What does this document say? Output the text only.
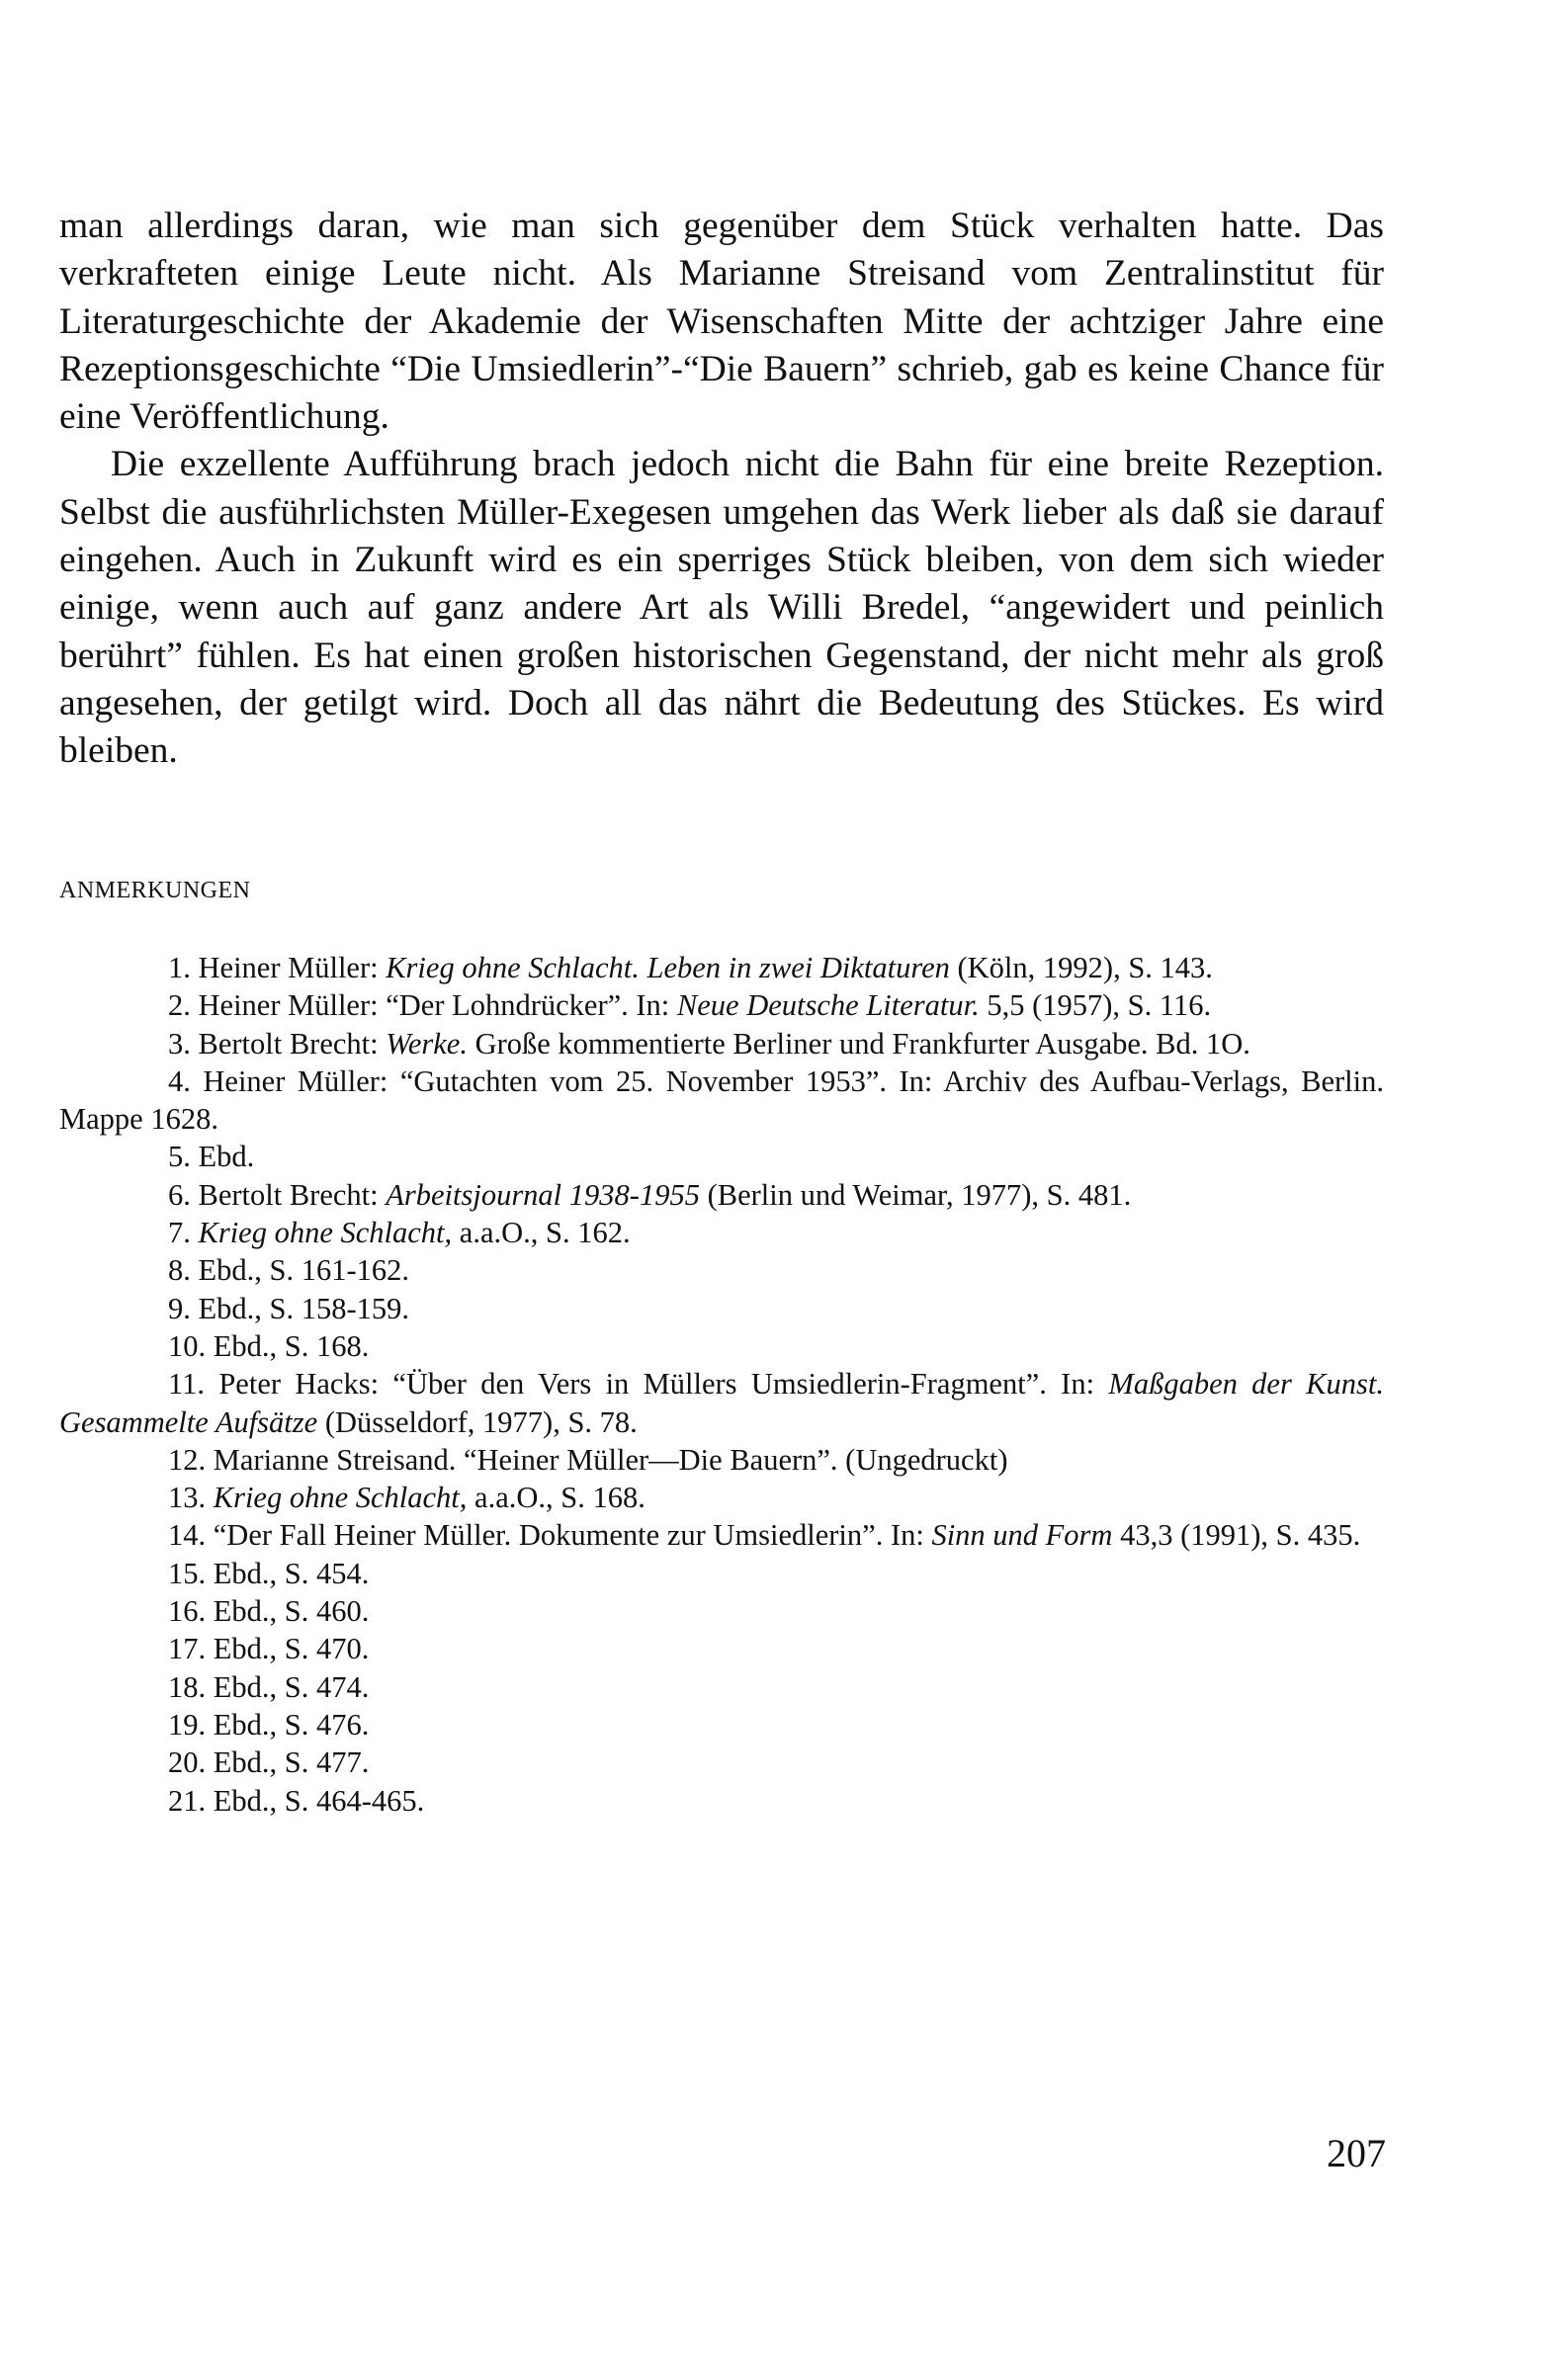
man allerdings daran, wie man sich gegenüber dem Stück verhalten hatte. Das verkrafteten einige Leute nicht. Als Marianne Streisand vom Zentralinstitut für Literaturgeschichte der Akademie der Wisenschaften Mitte der achtziger Jahre eine Rezeptionsgeschichte “Die Umsiedlerin”-“Die Bauern” schrieb, gab es keine Chance für eine Veröffentlichung.

Die exzellente Aufführung brach jedoch nicht die Bahn für eine breite Rezeption. Selbst die ausführlichsten Müller-Exegesen umgehen das Werk lieber als daß sie darauf eingehen. Auch in Zukunft wird es ein sperriges Stück bleiben, von dem sich wieder einige, wenn auch auf ganz andere Art als Willi Bredel, “angewidert und peinlich berührt” fühlen. Es hat einen großen historischen Gegenstand, der nicht mehr als groß angesehen, der getilgt wird. Doch all das nährt die Bedeutung des Stückes. Es wird bleiben.

ANMERKUNGEN
1. Heiner Müller: Krieg ohne Schlacht. Leben in zwei Diktaturen (Köln, 1992), S. 143.
2. Heiner Müller: “Der Lohndrücker”. In: Neue Deutsche Literatur. 5,5 (1957), S. 116.
3. Bertolt Brecht: Werke. Große kommentierte Berliner und Frankfurter Ausgabe. Bd. 1O.
4. Heiner Müller: “Gutachten vom 25. November 1953”. In: Archiv des Aufbau-Verlags, Berlin. Mappe 1628.
5. Ebd.
6. Bertolt Brecht: Arbeitsjournal 1938-1955 (Berlin und Weimar, 1977), S. 481.
7. Krieg ohne Schlacht, a.a.O., S. 162.
8. Ebd., S. 161-162.
9. Ebd., S. 158-159.
10. Ebd., S. 168.
11. Peter Hacks: “Über den Vers in Müllers Umsiedlerin-Fragment”. In: Maßgaben der Kunst. Gesammelte Aufsätze (Düsseldorf, 1977), S. 78.
12. Marianne Streisand. “Heiner Müller—Die Bauern”. (Ungedruckt)
13. Krieg ohne Schlacht, a.a.O., S. 168.
14. “Der Fall Heiner Müller. Dokumente zur Umsiedlerin”. In: Sinn und Form 43,3 (1991), S. 435.
15. Ebd., S. 454.
16. Ebd., S. 460.
17. Ebd., S. 470.
18. Ebd., S. 474.
19. Ebd., S. 476.
20. Ebd., S. 477.
21. Ebd., S. 464-465.
207
